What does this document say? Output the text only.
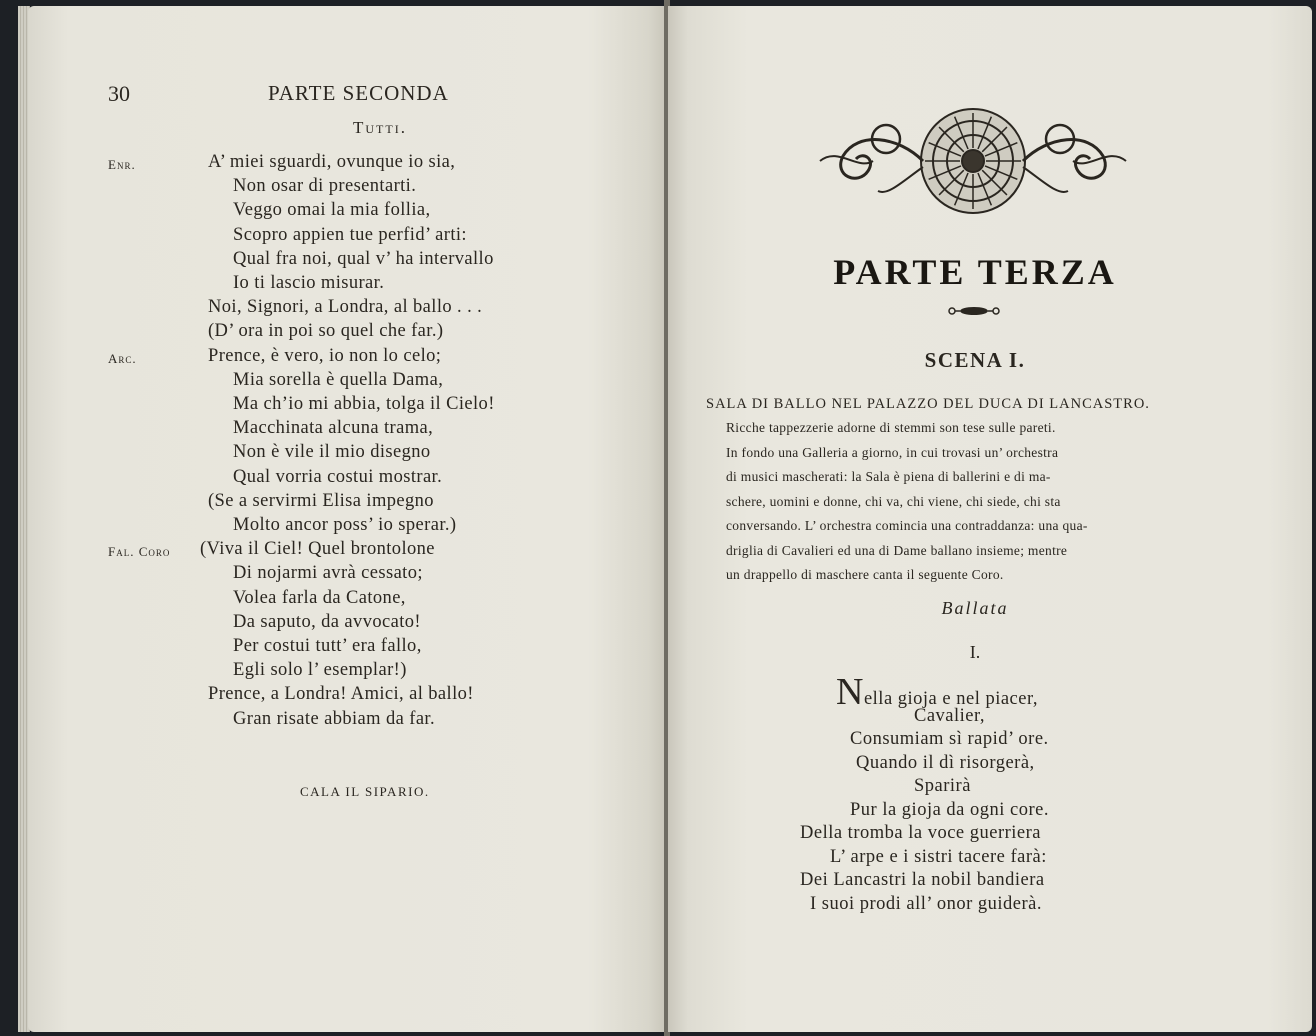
30	PARTE SECONDA
Tutti.
Enr.	A’ miei sguardi, ovunque io sia,
Non osar di presentarti.
Veggo omai la mia follia,
Scopro appien tue perfid’ arti:
Qual fra noi, qual v’ ha intervallo
Io ti lascio misurar.
Noi, Signori, a Londra, al ballo . . .
(D’ ora in poi so quel che far.)
Arc.	Prence, è vero, io non lo celo;
Mia sorella è quella Dama,
Ma ch’io mi abbia, tolga il Cielo!
Macchinata alcuna trama,
Non è vile il mio disegno
Qual vorria costui mostrar.
(Se a servirmi Elisa impegno
Molto ancor poss’ io sperar.)
Fal. Coro (Viva il Ciel! Quel brontolone
Di nojarmi avrà cessato;
Volea farla da Catone,
Da saputo, da avvocato!
Per costui tutt’ era fallo,
Egli solo l’ esemplar!)
Prence, a Londra! Amici, al ballo!
Gran risate abbiam da far.
CALA IL SIPARIO.
PARTE TERZA
SCENA I.
SALA DI BALLO NEL PALAZZO DEL DUCA DI LANCASTRO.
Ricche tappezzerie adorne di stemmi son tese sulle pareti.
In fondo una Galleria a giorno, in cui trovasi un’ orchestra
di musici mascherati: la Sala è piena di ballerini e di ma-
schere, uomini e donne, chi va, chi viene, chi siede, chi sta
conversando. L’ orchestra comincia una contraddanza: una qua-
driglia di Cavalieri ed una di Dame ballano insieme; mentre
un drappello di maschere canta il seguente Coro.
Ballata
I.
Nella gioja e nel piacer,
Cavalier,
Consumiam sì rapid’ ore.
Quando il dì risorgerà,
Sparirà
Pur la gioja da ogni core.
Della tromba la voce guerriera
L’ arpe e i sistri tacere farà:
Dei Lancastri la nobil bandiera
I suoi prodi all’ onor guiderà.
